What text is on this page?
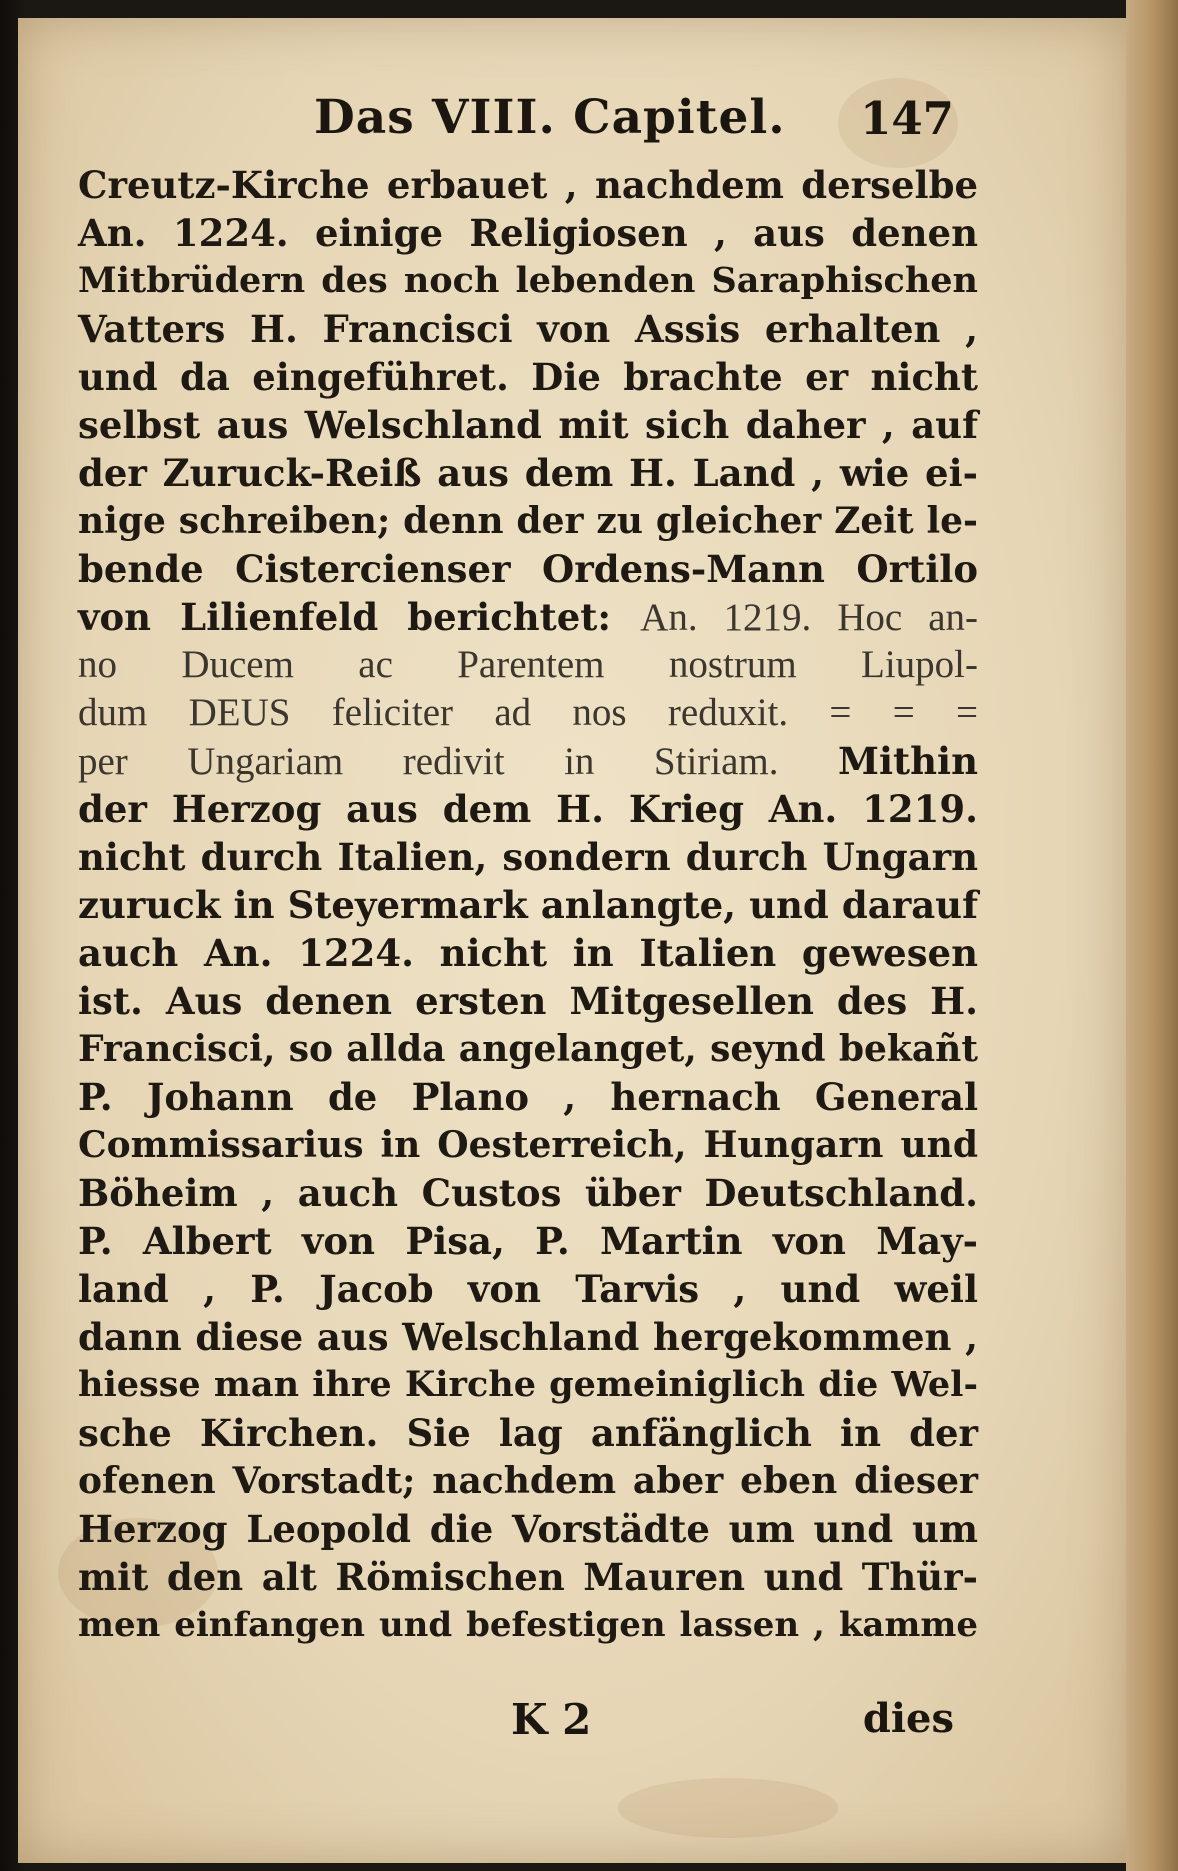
Das VIII. Capitel. 147
Creutz-Kirche erbauet , nachdem derselbe
An. 1224. einige Religiosen , aus denen
Mitbrüdern des noch lebenden Saraphischen
Vatters H. Francisci von Assis erhalten ,
und da eingeführet. Die brachte er nicht
selbst aus Welschland mit sich daher , auf
der Zuruck-Reiß aus dem H. Land , wie ei-
nige schreiben; denn der zu gleicher Zeit le-
bende Cistercienser Ordens-Mann Ortilo
von Lilienfeld berichtet: An. 1219. Hoc an-
no Ducem ac Parentem nostrum Liupol-
dum DEUS feliciter ad nos reduxit. = = =
per Ungariam redivit in Stiriam. Mithin
der Herzog aus dem H. Krieg An. 1219.
nicht durch Italien, sondern durch Ungarn
zuruck in Steyermark anlangte, und darauf
auch An. 1224. nicht in Italien gewesen
ist. Aus denen ersten Mitgesellen des H.
Francisci, so allda angelanget, seynd bekañt
P. Johann de Plano , hernach General
Commissarius in Oesterreich, Hungarn und
Böheim , auch Custos über Deutschland.
P. Albert von Pisa, P. Martin von May-
land , P. Jacob von Tarvis , und weil
dann diese aus Welschland hergekommen ,
hiesse man ihre Kirche gemeiniglich die Wel-
sche Kirchen. Sie lag anfänglich in der
ofenen Vorstadt; nachdem aber eben dieser
Herzog Leopold die Vorstädte um und um
mit den alt Römischen Mauren und Thür-
men einfangen und befestigen lassen , kamme
K 2	dies
